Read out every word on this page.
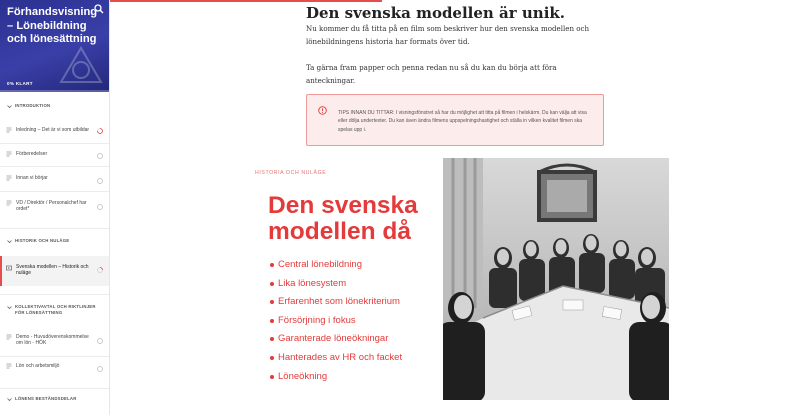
Förhandsvisning – Lönebildning och lönesättning
0% KLART
INTRODUKTION
Inledning – Det är vi som utbildar
Förberedelser
Innan vi börjar
VD / Direktör / Personalchef har ordet*
HISTORIK OCH NULÄGE
Svenska modellen – Historik och nuläge
KOLLEKTIVAVTAL OCH RIKTLINJER FÖR LÖNESÄTTNING
Demo - Huvudöverenskommelse om lön - HÖK
Lön och arbetsmiljö
LÖNENS BESTÅNDSDELAR
Den svenska modellen är unik.

Nu kommer du få titta på en film som beskriver hur den svenska modellen och lönebildningens historia har formats över tid.

Ta gärna fram papper och penna redan nu så du kan du börja att föra anteckningar.

TIPS INNAN DU TITTAR: I visningsfönstret så har du möjlighet att titta på filmen i helskärm. Du kan välja att visa eller dölja undertexter. Du kan även ändra filmens uppspelningshastighet och ställa in vilken kvalitet filmen ska spelas upp i.
HISTORIA OCH NULÄGE
Den svenska modellen då
Central lönebildning
Lika lönesystem
Erfarenhet som lönekriterium
Försörjning i fokus
Garanterade löneökningar
Hanterades av HR och facket
Löneökning
